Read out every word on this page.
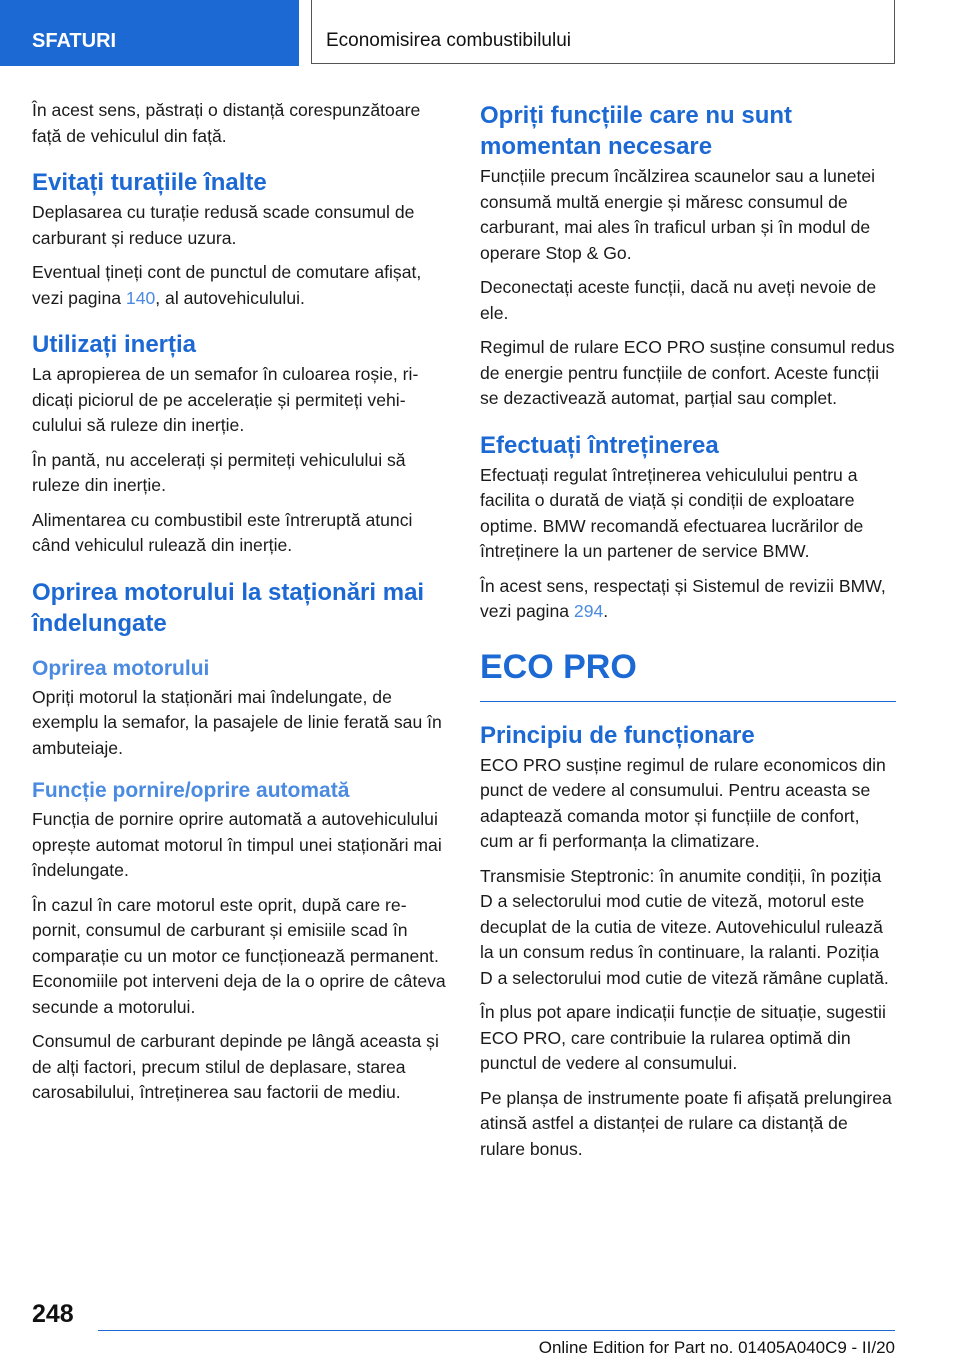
SFATURI	Economisirea combustibilului

În acest sens, păstrați o distanță corespunzătoare față de vehiculul din față.

Evitați turațiile înalte

Deplasarea cu turație redusă scade consumul de carburant și reduce uzura.

Eventual țineți cont de punctul de comutare afișat, vezi pagina 140, al autovehiculului.

Utilizați inerția

La apropierea de un semafor în culoarea roșie, ridicați piciorul de pe accelerație și permiteți vehiculului să ruleze din inerție.

În pantă, nu accelerați și permiteți vehiculului să ruleze din inerție.

Alimentarea cu combustibil este întreruptă atunci când vehiculul rulează din inerție.

Oprirea motorului la staționări mai îndelungate
Oprirea motorului

Opriți motorul la staționări mai îndelungate, de exemplu la semafor, la pasajele de linie ferată sau în ambuteiaje.

Funcție pornire/oprire automată

Funcția de pornire oprire automată a autovehiculului oprește automat motorul în timpul unei staționări mai îndelungate.

În cazul în care motorul este oprit, după care repornit, consumul de carburant și emisiile scad în comparație cu un motor ce funcționează permanent. Economiile pot interveni deja de la o oprire de câteva secunde a motorului.

Consumul de carburant depinde pe lângă aceasta și de alți factori, precum stilul de deplasare, starea carosabilului, întreținerea sau factorii de mediu.

Opriți funcțiile care nu sunt momentan necesare

Funcțiile precum încălzirea scaunelor sau a lunetei consumă multă energie și măresc consumul de carburant, mai ales în traficul urban și în modul de operare Stop & Go.

Deconectați aceste funcții, dacă nu aveți nevoie de ele.

Regimul de rulare ECO PRO susține consumul redus de energie pentru funcțiile de confort. Aceste funcții se dezactivează automat, parțial sau complet.

Efectuați întreținerea

Efectuați regulat întreținerea vehiculului pentru a facilita o durată de viață și condiții de exploatare optime. BMW recomandă efectuarea lucrărilor de întreținere la un partener de service BMW.

În acest sens, respectați și Sistemul de revizii BMW, vezi pagina 294.

ECO PRO
Principiu de funcționare

ECO PRO susține regimul de rulare economicos din punct de vedere al consumului. Pentru aceasta se adaptează comanda motor și funcțiile de confort, cum ar fi performanța la climatizare.

Transmisie Steptronic: în anumite condiții, în poziția D a selectorului mod cutie de viteză, motorul este decuplat de la cutia de viteze. Autovehiculul rulează la un consum redus în continuare, la ralanti. Poziția D a selectorului mod cutie de viteză rămâne cuplată.

În plus pot apare indicații funcție de situație, sugestii ECO PRO, care contribuie la rularea optimă din punctul de vedere al consumului.

Pe planșa de instrumente poate fi afișată prelungirea atinsă astfel a distanței de rulare ca distanță de rulare bonus.

248
Online Edition for Part no. 01405A040C9 - II/20
